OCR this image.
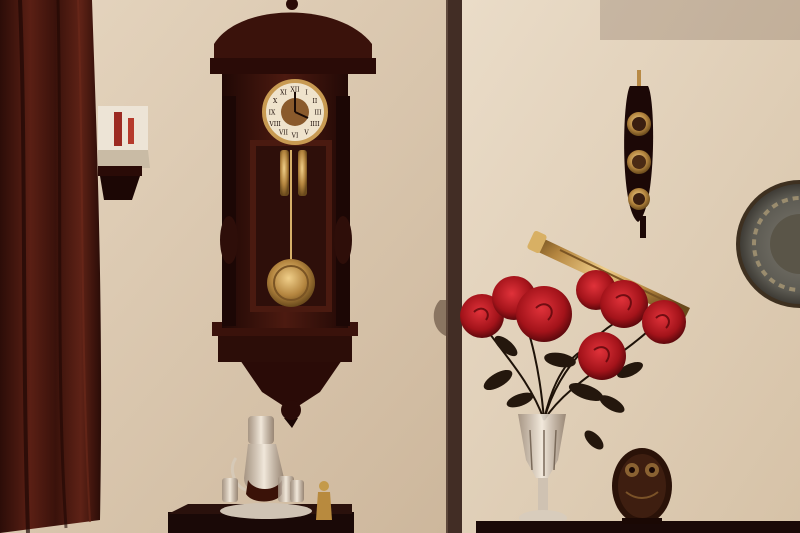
XII I
II
III
IIII
V
VI
VII
VIII
IX
X
XI
